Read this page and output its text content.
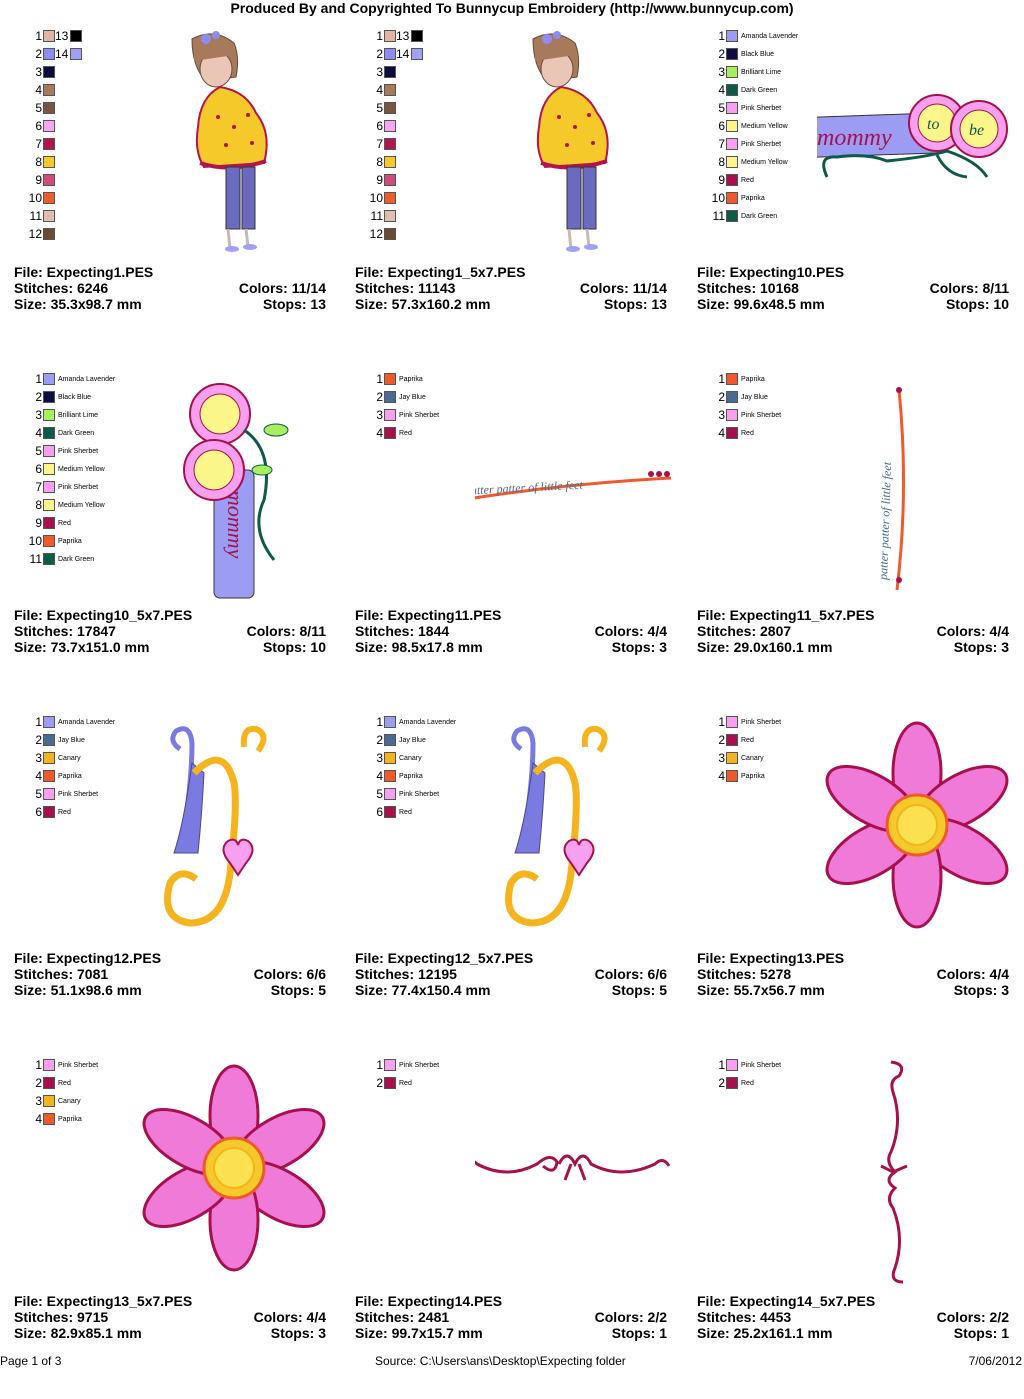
Produced By and Copyrighted To Bunnycup Embroidery (http://www.bunnycup.com)
1 13
2 14
3
4
5
6
7
8
9
10
11
12
File: Expecting1.PES
Stitches: 6246	Colors: 11/14
Size: 35.3x98.7 mm	Stops: 13
1 13
2 14
3
4
5
6
7
8
9
10
11
12
File: Expecting1_5x7.PES
Stitches: 11143	Colors: 11/14
Size: 57.3x160.2 mm	Stops: 13
1 Amanda Lavender
2 Black Blue
3 Brilliant Lime
4 Dark Green
5 Pink Sherbet
6 Medium Yellow
7 Pink Sherbet
8 Medium Yellow
9 Red
10 Paprika
11 Dark Green
mommy
to be
File: Expecting10.PES
Stitches: 10168	Colors: 8/11
Size: 99.6x48.5 mm	Stops: 10
1 Amanda Lavender
2 Black Blue
3 Brilliant Lime
4 Dark Green
5 Pink Sherbet
6 Medium Yellow
7 Pink Sherbet
8 Medium Yellow
9 Red
10 Paprika
11 Dark Green
mommy
File: Expecting10_5x7.PES
Stitches: 17847	Colors: 8/11
Size: 73.7x151.0 mm	Stops: 10
1 Paprika
2 Jay Blue
3 Pink Sherbet
4 Red
patter patter of little feet
File: Expecting11.PES
Stitches: 1844	Colors: 4/4
Size: 98.5x17.8 mm	Stops: 3
1 Paprika
2 Jay Blue
3 Pink Sherbet
4 Red
patter patter of little feet
File: Expecting11_5x7.PES
Stitches: 2807	Colors: 4/4
Size: 29.0x160.1 mm	Stops: 3
1 Amanda Lavender
2 Jay Blue
3 Canary
4 Paprika
5 Pink Sherbet
6 Red
File: Expecting12.PES
Stitches: 7081	Colors: 6/6
Size: 51.1x98.6 mm	Stops: 5
1 Amanda Lavender
2 Jay Blue
3 Canary
4 Paprika
5 Pink Sherbet
6 Red
File: Expecting12_5x7.PES
Stitches: 12195	Colors: 6/6
Size: 77.4x150.4 mm	Stops: 5
1 Pink Sherbet
2 Red
3 Canary
4 Paprika
File: Expecting13.PES
Stitches: 5278	Colors: 4/4
Size: 55.7x56.7 mm	Stops: 3
1 Pink Sherbet
2 Red
3 Canary
4 Paprika
File: Expecting13_5x7.PES
Stitches: 9715	Colors: 4/4
Size: 82.9x85.1 mm	Stops: 3
1 Pink Sherbet
2 Red
File: Expecting14.PES
Stitches: 2481	Colors: 2/2
Size: 99.7x15.7 mm	Stops: 1
1 Pink Sherbet
2 Red
File: Expecting14_5x7.PES
Stitches: 4453	Colors: 2/2
Size: 25.2x161.1 mm	Stops: 1
Page 1 of 3	Source: C:\Users\ans\Desktop\Expecting folder	7/06/2012
